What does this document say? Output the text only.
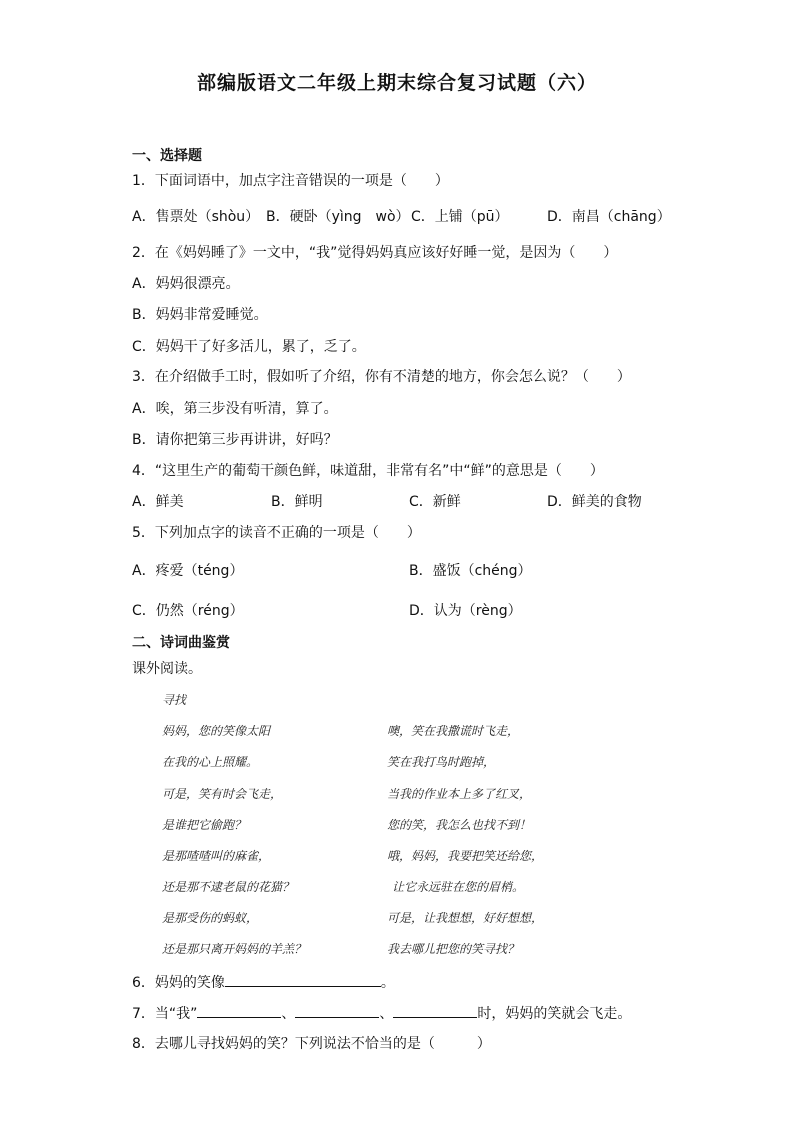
部编版语文二年级上期末综合复习试题（六）
一、选择题
1．下面词语中，加点字注音错误的一项是（　　）
A．售票处（shòu） B．硬卧（yìng　wò） C．上铺（pū）	D．南昌（chāng）
2．在《妈妈睡了》一文中，“我”觉得妈妈真应该好好睡一觉，是因为（　　）
A．妈妈很漂亮。
B．妈妈非常爱睡觉。
C．妈妈干了好多活儿，累了，乏了。
3．在介绍做手工时，假如听了介绍，你有不清楚的地方，你会怎么说？（　　）
A．唉，第三步没有听清，算了。
B．请你把第三步再讲讲，好吗？
4．“这里生产的葡萄干颜色鲜，味道甜，非常有名”中“鲜”的意思是（　　）
A．鲜美	B．鲜明	C．新鲜	D．鲜美的食物
5．下列加点字的读音不正确的一项是（　　）
A．疼爱（téng）	B．盛饭（chéng）
C．仍然（réng）	D．认为（rèng）
二、诗词曲鉴赏
课外阅读。
寻找
妈妈，您的笑像太阳
在我的心上照耀。
可是，笑有时会飞走，
是谁把它偷跑？
是那喳喳叫的麻雀，
还是那不逮老鼠的花猫？
是那受伤的蚂蚁，
还是那只离开妈妈的羊羔？
噢，笑在我撒谎时飞走，
笑在我打鸟时跑掉，
当我的作业本上多了红叉，
您的笑，我怎么也找不到！
哦，妈妈，我要把笑还给您，
让它永远驻在您的眉梢。
可是，让我想想，好好想想，
我去哪儿把您的笑寻找？
6．妈妈的笑像	。
7．当“我”	、	、	时，妈妈的笑就会飞走。
8．去哪儿寻找妈妈的笑？下列说法不恰当的是（　　　）
